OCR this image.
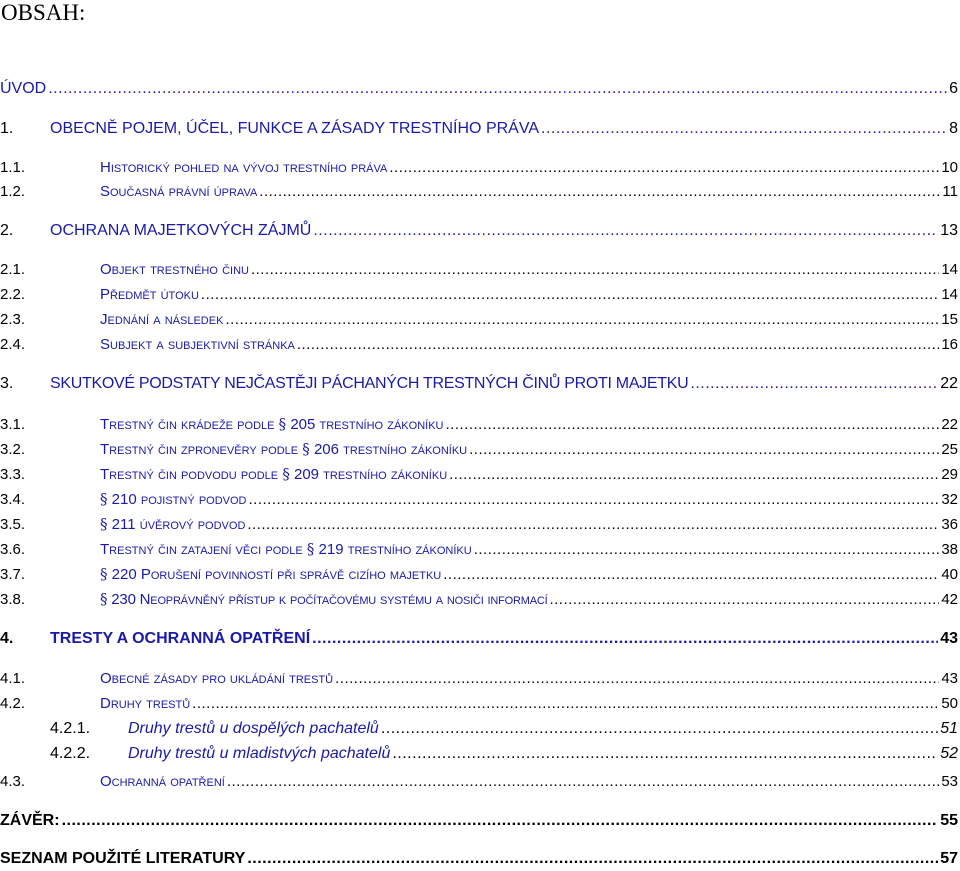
OBSAH:
ÚVOD .....	6
1.	OBECNĚ POJEM, ÚČEL, FUNKCE A ZÁSADY TRESTNÍHO PRÁVA .....	8
1.1.	Historický pohled na vývoj trestního práva .....	10
1.2.	Současná právní úprava .....	11
2.	OCHRANA MAJETKOVÝCH ZÁJMŮ .....	13
2.1.	Objekt trestného činu .....	14
2.2.	Předmět útoku .....	14
2.3.	Jednání a následek .....	15
2.4.	Subjekt a subjektivní stránka .....	16
3.	SKUTKOVÉ PODSTATY NEJČASTĚJI PÁCHANÝCH TRESTNÝCH ČINŮ PROTI MAJETKU .....	22
3.1.	Trestný čin krádeže podle § 205 trestního zákoníku .....	22
3.2.	Trestný čin zpronevěry podle § 206 trestního zákoníku .....	25
3.3.	Trestný čin podvodu podle § 209 trestního zákoníku .....	29
3.4.	§ 210 pojistný podvod .....	32
3.5.	§ 211 úvěrový podvod .....	36
3.6.	Trestný čin zatajení věci podle § 219 trestního zákoníku .....	38
3.7.	§ 220 Porušení povinností při správě cizího majetku .....	40
3.8.	§ 230 Neoprávněný přístup k počítačovému systému a nosiči informací .....	42
4.	TRESTY A OCHRANNÁ OPATŘENÍ .....	43
4.1.	Obecné zásady pro ukládání trestů .....	43
4.2.	Druhy trestů .....	50
4.2.1.	Druhy trestů u dospělých pachatelů .....	51
4.2.2.	Druhy trestů u mladistvých pachatelů .....	52
4.3.	Ochranná opatření .....	53
ZÁVĚR: .....	55
SEZNAM POUŽITÉ LITERATURY .....	57
